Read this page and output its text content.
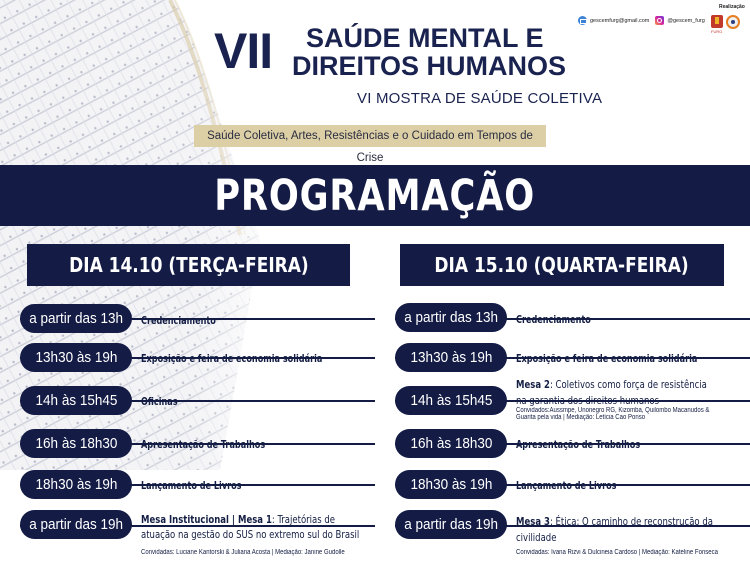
VII SAÚDE MENTAL E
DIREITOS HUMANOS
VI MOSTRA DE SAÚDE COLETIVA
Saúde Coletiva, Artes, Resistências e o Cuidado em Tempos de Crise
gescemfurg@gmail.com	@gescem_furg
Realização
FURG
PROGRAMAÇÃO
DIA 14.10 (TERÇA-FEIRA)	DIA 15.10 (QUARTA-FEIRA)
a partir das 13h Credenciamento
13h30 às 19h Exposição e feira de economia solidária
14h às 15h45 Oficinas
16h às 18h30 Apresentação de Trabalhos
18h30 às 19h Lançamento de Livros
a partir das 19h Mesa Institucional | Mesa 1: Trajetórias de
atuação na gestão do SUS no extremo sul do Brasil
Convidadas: Luciane Kantorski & Juliana Acosta | Mediação: Janine Gudolle
a partir das 13h Credenciamento
13h30 às 19h Exposição e feira de economia solidária
14h às 15h45
Mesa 2: Coletivos como força de resistência
na garantia dos direitos humanos
Convidados:Aussmpe, Unonegro RG, Kizomba, Quilombo Macanudos &
Guarita pela vida | Mediação: Letícia Cao Ponso
16h às 18h30 Apresentação de Trabalhos
18h30 às 19h Lançamento de Livros
a partir das 19h Mesa 3: Ética: O caminho de reconstrução da
civilidade
Convidadas: Ivana Rizvi & Dulcineia Cardoso | Mediação: Kateline Fonseca
